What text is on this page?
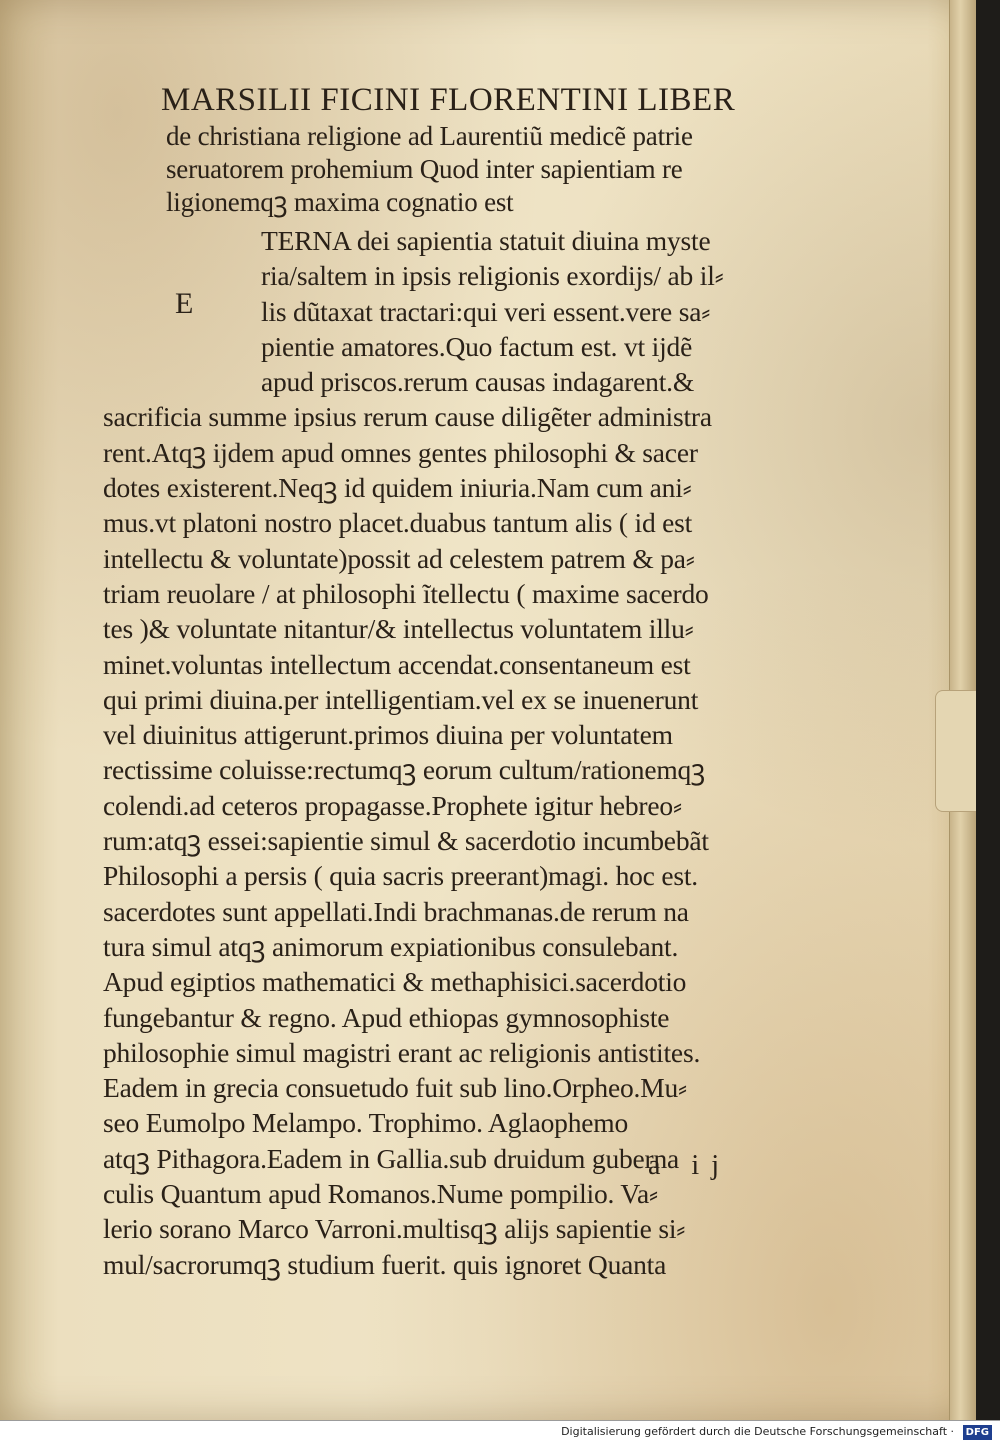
MARSILII FICINI FLORENTINI LIBER
de christiana religione ad Laurentiũ medicẽ patrie
seruatorem prohemium Quod inter sapientiam re
ligionemqꝫ maxima cognatio est
E
TERNA dei sapientia statuit diuina myste
ria/saltem in ipsis religionis exordijs/ ab il⸗
lis dũtaxat tractari:qui veri essent.vere sa⸗
pientie amatores.Quo factum est. vt ijdẽ
apud priscos.rerum causas indagarent.&
sacrificia summe ipsius rerum cause diligẽter administra
rent.Atqꝫ ijdem apud omnes gentes philosophi & sacer
dotes existerent.Neqꝫ id quidem iniuria.Nam cum ani⸗
mus.vt platoni nostro placet.duabus tantum alis ( id est
intellectu & voluntate)possit ad celestem patrem & pa⸗
triam reuolare / at philosophi ĩtellectu ( maxime sacerdo
tes )& voluntate nitantur/& intellectus voluntatem illu⸗
minet.voluntas intellectum accendat.consentaneum est
qui primi diuina.per intelligentiam.vel ex se inuenerunt
vel diuinitus attigerunt.primos diuina per voluntatem
rectissime coluisse:rectumqꝫ eorum cultum/rationemqꝫ
colendi.ad ceteros propagasse.Prophete igitur hebreo⸗
rum:atqꝫ essei:sapientie simul & sacerdotio incumbebãt
Philosophi a persis ( quia sacris preerant)magi. hoc est.
sacerdotes sunt appellati.Indi brachmanas.de rerum na
tura simul atqꝫ animorum expiationibus consulebant.
Apud egiptios mathematici & methaphisici.sacerdotio
fungebantur & regno. Apud ethiopas gymnosophiste
philosophie simul magistri erant ac religionis antistites.
Eadem in grecia consuetudo fuit sub lino.Orpheo.Mu⸗
seo Eumolpo Melampo. Trophimo. Aglaophemo
atqꝫ Pithagora.Eadem in Gallia.sub druidum guberna
culis Quantum apud Romanos.Nume pompilio. Va⸗
lerio sorano Marco Varroni.multisqꝫ alijs sapientie si⸗
mul/sacrorumqꝫ studium fuerit. quis ignoret Quanta
a ij
Digitalisierung gefördert durch die Deutsche Forschungsgemeinschaft ·	DFG
